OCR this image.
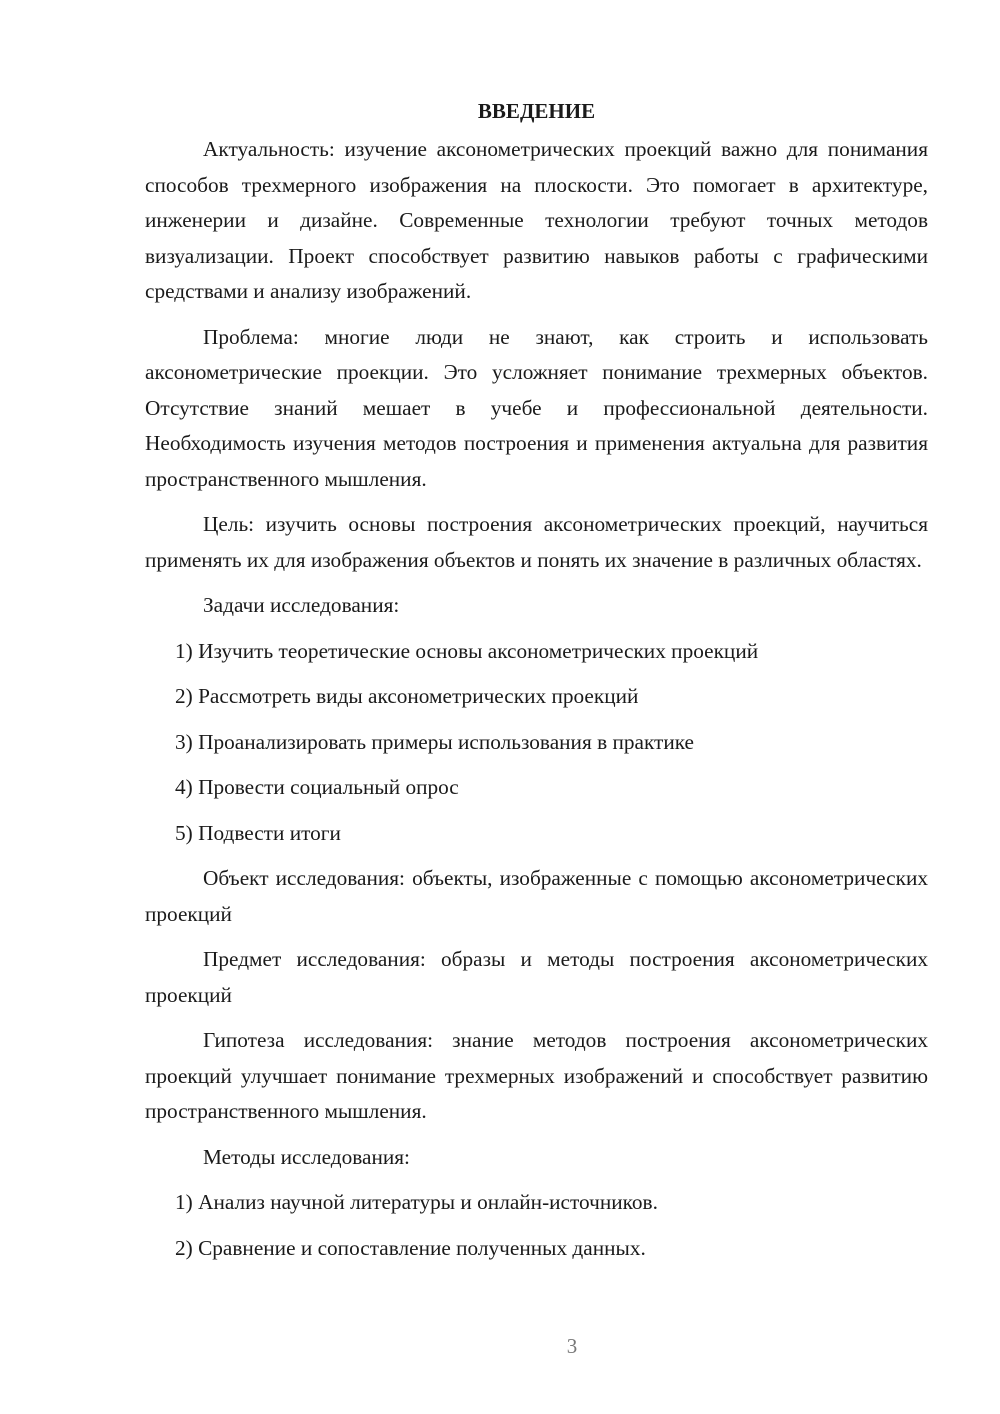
ВВЕДЕНИЕ

Актуальность: изучение аксонометрических проекций важно для понимания способов трехмерного изображения на плоскости. Это помогает в архитектуре, инженерии и дизайне. Современные технологии требуют точных методов визуализации. Проект способствует развитию навыков работы с графическими средствами и анализу изображений.

Проблема: многие люди не знают, как строить и использовать аксонометрические проекции. Это усложняет понимание трехмерных объектов. Отсутствие знаний мешает в учебе и профессиональной деятельности. Необходимость изучения методов построения и применения актуальна для развития пространственного мышления.

Цель: изучить основы построения аксонометрических проекций, научиться применять их для изображения объектов и понять их значение в различных областях.

Задачи исследования:

1) Изучить теоретические основы аксонометрических проекций

2) Рассмотреть виды аксонометрических проекций

3) Проанализировать примеры использования в практике

4) Провести социальный опрос

5) Подвести итоги

Объект исследования: объекты, изображенные с помощью аксонометрических проекций

Предмет исследования: образы и методы построения аксонометрических проекций

Гипотеза исследования: знание методов построения аксонометрических проекций улучшает понимание трехмерных изображений и способствует развитию пространственного мышления.

Методы исследования:

1) Анализ научной литературы и онлайн-источников.

2) Сравнение и сопоставление полученных данных.

3
